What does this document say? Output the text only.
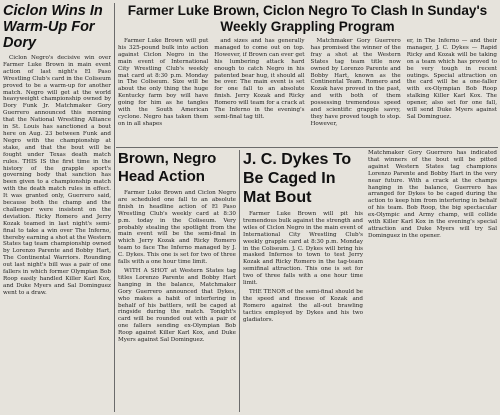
Ciclon Wins In Warm-Up For Dory

Ciclon Negro's decisive win over Farmer Luke Brown in main event action of last night's El Paso Wrestling Club's card in the Coliseum proved to be a warm-up for another match. Negro will get at the world heavyweight championship owned by Dory Funk Jr. Matchmaker Gory Guerrero announced this morning that the National Wrestling Alliance in St. Louis has sanctioned a bout here on Aug. 23 between Funk and Negro with the championship at stake, and that the bout will be fought under Texas death match rules. THIS IS the first time in the history of the grapple sport's governing body that sanction has been given to a championship match with the death match rules in effect. It was granted only, Guerrero said, because both the champ and the challenger were insistent on the deviation. Ricky Romero and Jerry Kozak teamed in last night's semi-final to take a win over The Inferno, thereby earning a shot at the Western States tag team championship owned by Lorenzo Parente and Bobby Hart, The Continental Warriors. Rounding out last night's bill was a pair of one fallers in which former Olympian Bob Roop easily handled Killer Karl Kox, and Duke Myers and Sal Dominguez went to a draw.

Farmer Luke Brown, Ciclon Negro To Clash In Sunday's Weekly Grappling Program

Farmer Luke Brown will put his 325-pound bulk into action against Ciclon Negro in the main event of International City Wrestling Club's weekly mat card at 8:30 p.m. Monday in The Coliseum. Size will be about the only thing the huge Kentucky farm boy will have going for him as he tangles with the South American cyclone. Negro has taken them on in all shapes

and sizes and has generally managed to come out on top. However, if Brown can ever get his lumbering attack hard enough to catch Negro in his patented bear hug, it should all be over. The main event is set for one fall to an absolute finish. Jerry Kozak and Ricky Romero will team for a crack at The Inferno in the evening's semi-final tag tilt.

Matchmaker Gory Guerrero has promised the winner of the fray a shot at the Western States tag team title now owned by Lorenzo Parente and Bobby Hart, known as the Continental Team. Romero and Kozak have proved in the past, and with both of them possessing tremendous speed and scientific grapple savvy, they have proved tough to stop. However,

er, in The Inferno — and their manager, J. C. Dykes — Rapid Ricky and Kozak will be taking on a team which has proved to be very tough in recent outings. Special attraction on the card will be a one-faller with ex-Olympian Bob Roop stalking Killer Karl Kox. The opener, also set for one fall, will send Duke Myers against Sal Dominguez.

Brown, Negro Head Action

Farmer Luke Brown and Ciclon Negro are scheduled one fall to an absolute finish in headline action of El Paso Wrestling Club's weekly card at 8:30 p.m. today in the Coliseum. Very probably stealing the spotlight from the main event will be the semi-final in which Jerry Kozak and Ricky Romero team to face The Inferno managed by J. C. Dykes. This one is set for two of three falls with a one hour time limit.

WITH A SHOT at Western States tag titles Lorenzo Parente and Bobby Hart hanging in the balance, Matchmaker Gory Guerrero announced that Dykes, who makes a habit of interfering in behalf of his battlers, will be caged at ringside during the match. Tonight's card will be rounded out with a pair of one fallers sending ex-Olympian Bob Roop against Killer Karl Kox, and Duke Myers against Sal Dominguez.

J. C. Dykes To Be Caged In Mat Bout

Farmer Luke Brown will pit his tremendous bulk against the strength and wiles of Ciclon Negro in the main event of International City Wrestling Club's weekly grapple card at 8:30 p.m. Monday in the Coliseum. J. C. Dykes will bring his masked Infernos to town to test Jerry Kozak and Ricky Romero in the tag-team semifinal attraction. This one is set for two of three falls with a one hour time limit.

THE TENOR of the semi-final should be the speed and finesse of Kozak and Romero against the all-out brawling tactics employed by Dykes and his two gladiators.

Matchmaker Gory Guerrero has indicated that winners of the bout will be pitted against Western States tag champions Lorenzo Parente and Bobby Hart in the very near future. With a crack at the champs hanging in the balance, Guerrero has arranged for Dykes to be caged during the action to keep him from interfering in behalf of his team. Bob Roop, the big spectacular ex-Olympic and Army champ, will collide with Killer Karl Kox in the evening's special attraction and Duke Myers will try Sal Dominguez in the opener.
